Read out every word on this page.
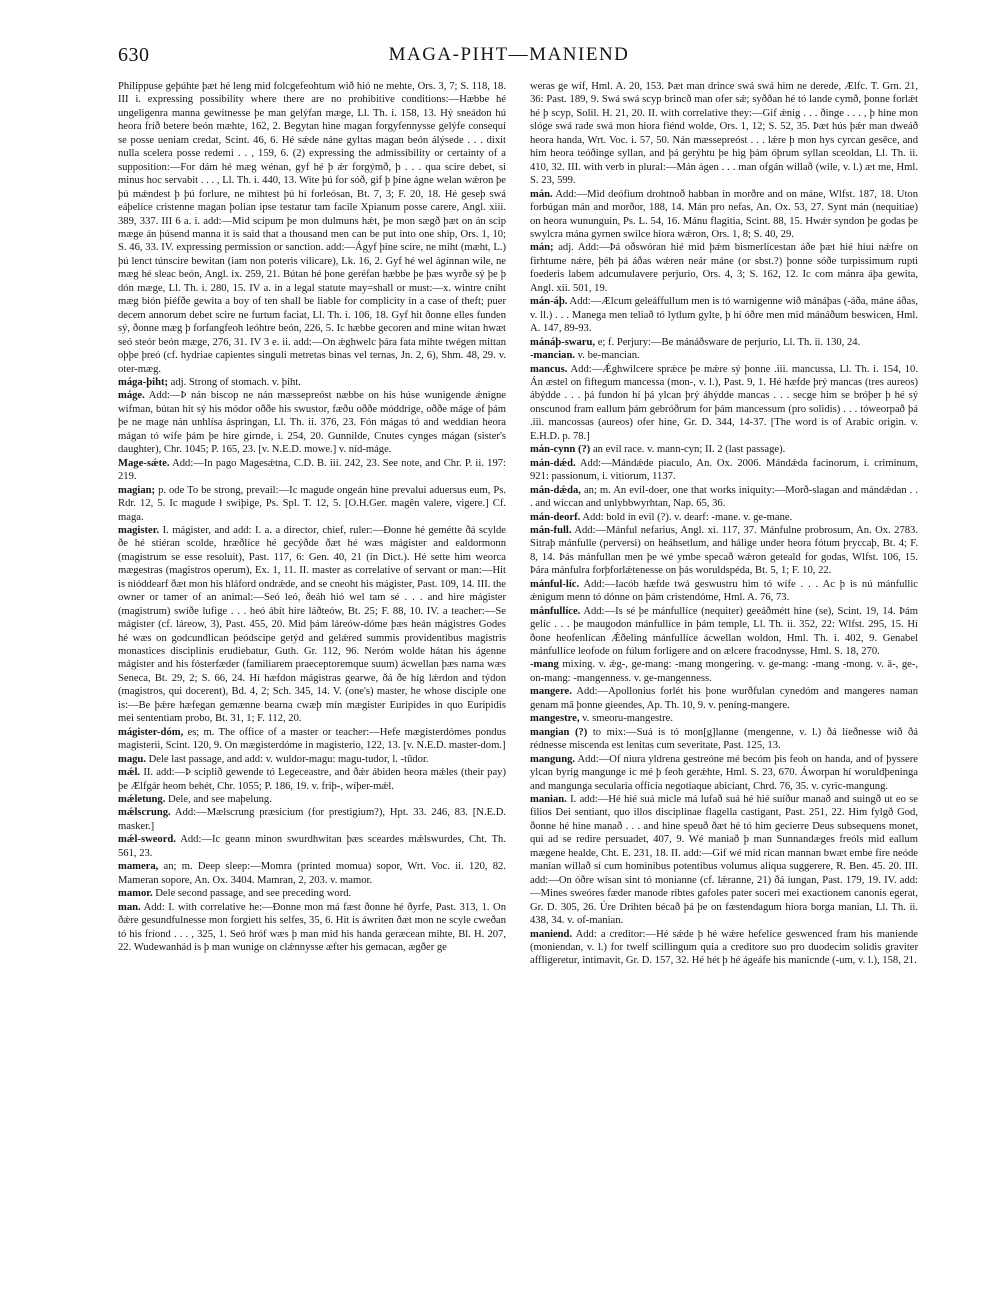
630	MAGA-PIHT—MANIEND

Philippuse geþúhte þæt hé leng mid folcgefeohtum wið hió ne mehte, Ors. 3, 7; S. 118, 18. III i. expressing possibility where there are no prohibitive conditions:—Hæbbe hé ungeligenra manna gewitnesse þe man gelýfan mæge, Ll. Th. i. 158, 13. Hý sneádon hú heora fríð betere beón mæhte, 162, 2. Begytan hine magan forgyfennysse gelýfe consequi se posse ueniam credat, Scint. 46, 6. Hé sǽde náne gyltas magan beón álýsede . . . dixit nulla scelera posse redemi . . , 159, 6. (2) expressing the admissibility or certainty of a supposition:—For dám hé mæg wénan, gyf hé þ ǽr forgýmð, þ . . . qua scire debet, si minus hoc servabit . . . , Ll. Th. i. 440, 13. Wite þú for sóð, gif þ þíne ágne welan wǽron þe þú mǽndest þ þú forlure, ne mihtest þú hí forleósan, Bt. 7, 3; F. 20, 18. Hé geseþ swá eáþelíce cristenne magan þolian ipse testatur tam facile Xpianum posse carere, Angl. xiii. 389, 337. III 6 a. i. add:—Mid scipum þe mon dulmuns hǽt, þe mon sægð þæt on án scip mæge án þúsend manna it is said that a thousand men can be put into one ship, Ors. 1, 10; S. 46, 33. IV. expressing permission or sanction. add:—Ágyf þíne scire, ne miht (mæht, L.) þú lenct túnscire bewitan (iam non poteris vilicare), Lk. 16, 2. Gyf hé wel ágínnan wile, ne mæg hé sleac beón, Angl. ix. 259, 21. Bútan hé þone geréfan hæbbe þe þæs wyrðe sý þe þ dón mæge, Ll. Th. i. 280, 15. IV a. in a legal statute may=shall or must:—x. wintre cniht mæg bión þiéfðe gewita a boy of ten shall be liable for complicity in a case of theft; puer decem annorum debet scire ne furtum faciat, Ll. Th. i. 106, 18. Gyf hit ðonne elles funden sý, ðonne mæg þ forfangfeoh leóhtre beón, 226, 5. Ic hæbbe gecoren and mine witan hwæt seó steór beón mæge, 276, 31. IV 3 e. ii. add:—On ǽghwelc þára fata mihte twégen mittan oþþe þreó (cf. hydriae capientes singuli metretas binas vel ternas, Jn. 2, 6), Shm. 48, 29. v. oter-mæg.

mága-þiht; adj. Strong of stomach. v. þiht.

máge. Add:—Þ nán biscop ne nán mæssepreóst næbbe on his húse wunigende ǽnigne wifman, bútan hit sý his módor oððe his swustor, fæðu oððe móddrige, oððe máge of þám þe ne mage nán unhlísa áspringan, Ll. Th. ii. 376, 23. Fón mágas tó and weddian heora mágan tó wífe þám þe hire girnde, i. 254, 20. Gunnilde, Cnutes cynges mágan (sister's daughter), Chr. 1045; P. 165, 23. [v. N.E.D. mowe.] v. níd-máge.

Mage-sǽte. Add:—In pago Magesǽtna, C.D. B. iii. 242, 23. See note, and Chr. P. ii. 197: 219.

magian; p. ode To be strong, prevail:—Ic magude ongeán hine prevalui aduersus eum, Ps. Rdr. 12, 5. Ic magude ł swiþige, Ps. Spl. T. 12, 5. [O.H.Ger. magên valere, vigere.] Cf. maga.

magister. I. mágister, and add: I. a. a director, chief, ruler:—Ðonne hé gemétte ðá scylde ðe hé stiéran scolde, hræðlíce hé gecýðde ðæt hé wæs mágister and ealdormonn (magistrum se esse resoluit), Past. 117, 6: Gen. 40, 21 (in Dict.). Hé sette him weorca mægestras (magistros operum), Ex. 1, 11. II. master as correlative of servant or man:—Hit is nióddearf ðæt mon his hláford ondrǽde, and se cneoht his mágister, Past. 109, 14. III. the owner or tamer of an animal:—Seó leó, ðeáh hió wel tam sé . . . and hire mágister (magistrum) swíðe lufige . . . heó ábít hire láðteów, Bt. 25; F. 88, 10. IV. a teacher:—Se mágister (cf. láreow, 3), Past. 455, 20. Mid þám láreów-dóme þæs heán mágistres Godes hé wæs on godcundlican þeódscipe getýd and gelǽred summis providentibus magistris monastices disciplinis erudiebatur, Guth. Gr. 112, 96. Neróm wolde hátan his ágenne mágister and his fósterfæder (familiarem praeceptoremque suum) ácwellan þæs nama wæs Seneca, Bt. 29, 2; S. 66, 24. Hí hæfdon mágistras gearwe, ðá ðe híg lǽrdon and týdon (magistros, qui docerent), Bd. 4, 2; Sch. 345, 14. V. (one's) master, he whose disciple one is:—Be þǽre hæfegan gemænne bearna cwæþ mín mægister Euripides in quo Euripidis mei sententiam probo, Bt. 31, 1; F. 112, 20.

mágister-dóm, es; m. The office of a master or teacher:—Hefe mægisterdómes pondus magisterii, Scint. 120, 9. On mægisterdóme in magisterio, 122, 13. [v. N.E.D. master-dom.]

magu. Dele last passage, and add: v. wuldor-magu: magu-tudor, l. -tūdor.

mǽl. II. add:—Þ sciplið gewende tó Legeceastre, and ðǽr ábiden heora mǽles (their pay) þe Ælfgár heom behét, Chr. 1055; P. 186, 19. v. friþ-, wíþer-mǽl.

mǽletung. Dele, and see maþelung.

mǽlscrung. Add:—Mælscrung præsicium (for prestigium?), Hpt. 33. 246, 83. [N.E.D. masker.]

mǽl-sweord. Add:—Ic geann minon swurdhwitan þæs sceardes mǽlswurdes, Cht. Th. 561, 23.

mamera, an; m. Deep sleep:—Momra (printed momua) sopor, Wrt. Voc. ii. 120, 82. Mameran sopore, An. Ox. 3404. Mamran, 2, 203. v. mamor.

mamor. Dele second passage, and see preceding word.

man. Add: I. with correlative he:—Ðonne mon má fæst ðonne hé ðyrfe, Past. 313, 1. On ðǽre gesundfulnesse mon forgiett his selfes, 35, 6. Hit is áwriten ðæt mon ne scyle cweðan tó his fríond . . . , 325, 1. Seó hróf wæs þ man mid his handa geræcean mihte, Bl. H. 207, 22. Wudewanhád is þ man wunige on clǽnnysse æfter his gemacan, ægðer ge

weras ge wíf, Hml. A. 20, 153. Þæt man drince swá swá him ne derede, Ælfc. T. Grn. 21, 36: Past. 189, 9. Swá swá scyp brincð man ofer sǽ; syððan hé tó lande cymð, þonne forlǽt hé þ scyp, Solil. H. 21, 20. II. with correlative they:—Gif ǽnig . . . ðinge . . . , þ hine mon slóge swá rade swá mon hiora fiénd wolde, Ors. 1, 12; S. 52, 35. Þæt hús þǽr man dweáð heora handa, Wrt. Voc. i. 57, 50. Nán mæssepreóst . . . lǽre þ mon hys cyrcan gesēce, and him heora teóðinge syllan, and þá gerýhtu þe hig þám óþrum syllan sceoldan, Ll. Th. ii. 410, 32. III. with verb in plural:—Mán ágen . . . man ofgán willað (wile, v. l.) æt me, Hml. S. 23, 599.

mán. Add:—Mid deófium drohtnoð habban in morðre and on máne, Wlfst. 187, 18. Uton forbúgan mán and morðor, 188, 14. Mán pro nefas, An. Ox. 53, 27. Synt mán (nequitiae) on heora wununguin, Ps. L. 54, 16. Mánu flagitia, Scint. 88, 15. Hwǽr syndon þe godas þe swylcra mána gyrnen swilce hiora wǽron, Ors. 1, 8; S. 40, 29.

mán; adj. Add:—Þá oðswóran hié mid þǽm bismerlícestan áðe þæt hié hiui nǽfre on firhtume nǽre, þéh þá áðas wǽren neár máne (or sbst.?) þonne sóðe turpissimum rupti foederis labem adcumulavere perjurio, Ors. 4, 3; S. 162, 12. Ic com mánra áþa gewita, Angl. xii. 501, 19.

mán-áþ. Add:—Ælcum geleáffullum men is tó warnigenne wið mánáþas (-áða, máne áðas, v. ll.) . . . Manega men teliað tó lytlum gylte, þ hí óðre men mid mánáðum beswicen, Hml. A. 147, 89-93.

mánáþ-swaru, e; f. Perjury:—Be mánáðsware de perjurio, Ll. Th. ii. 130, 24.

-mancian. v. be-mancian.

mancus. Add:—Ǽghwilcere sprǽce þe mǽre sý þonne .iii. mancussa, Ll. Th. i. 154, 10. Án æstel on fiftegum mancessa (mon-, v. l.), Past. 9, 1. Hé hæfde þrý mancas (tres aureos) ábýdde . . . þá fundon hí þá ylcan þrý áhýdde mancas . . . secge him se bróþer þ hé sý onscunod fram eallum þám gebróðrum for þám mancessum (pro solidis) . . . tóweorpað þá .iii. mancossas (aureos) ofer hine, Gr. D. 344, 14-37. [The word is of Arabic origin. v. E.H.D. p. 78.]

mán-cynn (?) an evil race. v. mann-cyn; II. 2 (last passage).

mán-dǽd. Add:—Mándǽde piaculo, An. Ox. 2006. Mándǽda facinorum, i. criminum, 921: passionum, i. vitiorum, 1137.

mán-dǽda, an; m. An evil-doer, one that works iniquity:—Morð-slagan and mándǽdan . . . and wiccan and unlybbwyrhtan, Nap. 65, 36.

mán-deorf. Add: bold in evil (?). v. dearf: -mane. v. ge-mane.

mán-full. Add:—Mánful nefarius, Angl. xi. 117, 37. Mánfulne probrosum, An. Ox. 2783. Sitraþ mánfulle (perversi) on heáhsetlum, and hálige under heora fótum þryccaþ, Bt. 4; F. 8, 14. Þás mánfullan men þe wé ymbe specað wǽron geteald for godas, Wlfst. 106, 15. Þára mánfulra forþforlǽtenesse on þás woruldspéda, Bt. 5, 1; F. 10, 22.

mánful-líc. Add:—Iacób hæfde twá geswustru him tó wífe . . . Ac þ is nú mánfullic ǽnigum menn tó dónne on þám cristendóme, Hml. A. 76, 73.

mánfullíce. Add:—Is sé þe mánfullíce (nequiter) geeáðmétt hine (se), Scint. 19, 14. Þám gelíc . . . þe maugodon mánfullíce in þám temple, Ll. Th. ii. 352, 22: Wlfst. 295, 15. Hí ðone heofenlícan Ǽðeling mánfullíce ácwellan woldon, Hml. Th. i. 402, 9. Genabel mánfullíce leofode on fúlum forligere and on ælcere fracodnysse, Hml. S. 18, 270.

-mang mixing. v. ǽg-, ge-mang: -mang mongering. v. ge-mang: -mang -mong. v. ā-, ge-, on-mang: -mangenness. v. ge-mangenness.

mangere. Add:—Apollonius forlét his þone wurðfulan cynedóm and mangeres naman genam mā þonne gieendes, Ap. Th. 10, 9. v. peníng-mangere.

mangestre, v. smeoru-mangestre.

mangian (?) to mix:—Suá is tó mon[g]lanne (mengenne, v. l.) ðá líeðnesse wið ðá rédnesse miscenda est lenitas cum severitate, Past. 125, 13.

mangung. Add:—Of niura yldrena gestreóne mé becóm þis feoh on handa, and of þyssere ylcan byrig mangunge ic mé þ feoh gerǽhte, Hml. S. 23, 670. Áworpan hí woruldþeningа and mangunga secularia officia negotiaque abiciant, Chrd. 76, 35. v. cyric-mangung.

manian. I. add:—Hé hié suá micle má lufað suá hé hié suíður manað and suingð ut eo se filios Dei sentiant, quo illos disciplinae flagella castigant, Past. 251, 22. Him fylgð God, ðonne hé hine manað . . . and hine speuð ðæt hé tó him gecierre Deus subsequens monet, qui ad se redire persuadet, 407, 9. Wé maniað þ man Sunnandæges freóls mid eallum mægene healde, Cht. E. 231, 18. II. add:—Gif wé mid rícan mannan bwæt embe fire neóde manian willað sí cum hominibus potentibus volumus aliqua suggerere, R. Ben. 45. 20. III. add:—On óðre wísan sint tó monianne (cf. lǽranne, 21) ðá iungan, Past. 179, 19. IV. add:—Mines sweóres fæder manode ribtes gafoles pater soceri mei exactionem canonis egerat, Gr. D. 305, 26. Úre Drihten bécað þá þe on fæstendagum hiora borga maniаn, Ll. Th. ii. 438, 34. v. of-manian.

maniend. Add: a creditor:—Hé sǽde þ hé wǽre hefelíce geswenced fram his maniende (moniendan, v. l.) for twelf scillingum quia a creditore suo pro duodecim solidis graviter affligeretur, intimavit, Gr. D. 157, 32. Hé hét þ hé ágeáfe his manicnde (-um, v. l.), 158, 21.
